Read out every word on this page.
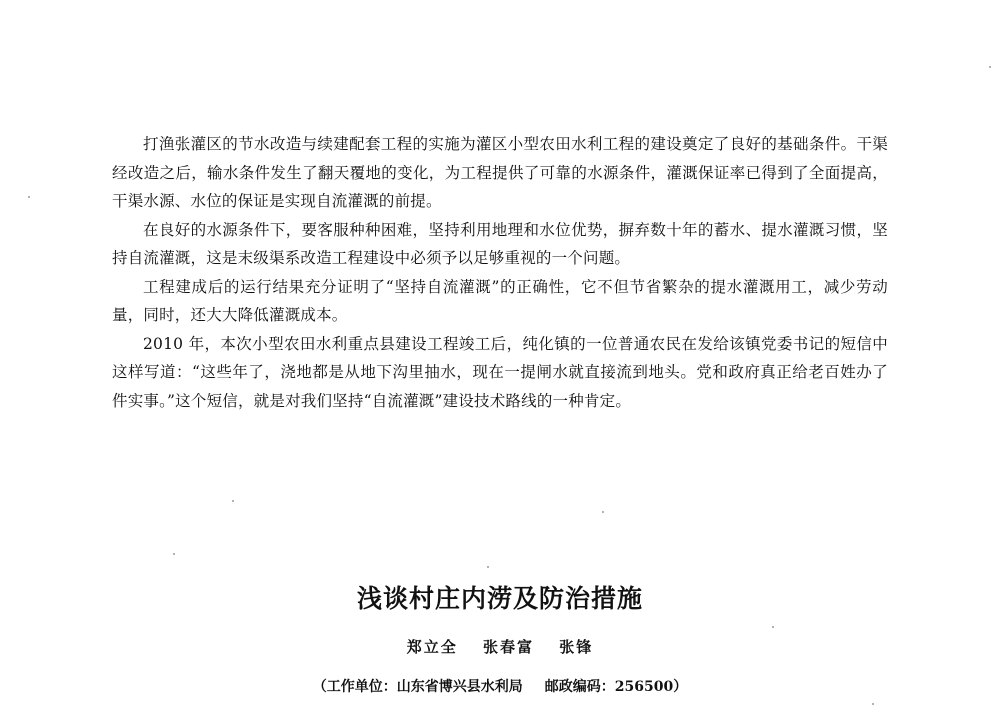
打渔张灌区的节水改造与续建配套工程的实施为灌区小型农田水利工程的建设奠定了良好的基础条件。干渠经改造之后，输水条件发生了翻天覆地的变化，为工程提供了可靠的水源条件，灌溉保证率已得到了全面提高，干渠水源、水位的保证是实现自流灌溉的前提。

在良好的水源条件下，要客服种种困难，坚持利用地理和水位优势，摒弃数十年的蓄水、提水灌溉习惯，坚持自流灌溉，这是末级渠系改造工程建设中必须予以足够重视的一个问题。

工程建成后的运行结果充分证明了“坚持自流灌溉”的正确性，它不但节省繁杂的提水灌溉用工，减少劳动量，同时，还大大降低灌溉成本。

2010 年，本次小型农田水利重点县建设工程竣工后，纯化镇的一位普通农民在发给该镇党委书记的短信中这样写道：“这些年了，浇地都是从地下沟里抽水，现在一提闸水就直接流到地头。党和政府真正给老百姓办了件实事。”这个短信，就是对我们坚持“自流灌溉”建设技术路线的一种肯定。

浅谈村庄内涝及防治措施
郑立全 张春富 张锋
（工作单位：山东省博兴县水利局 邮政编码：256500）
